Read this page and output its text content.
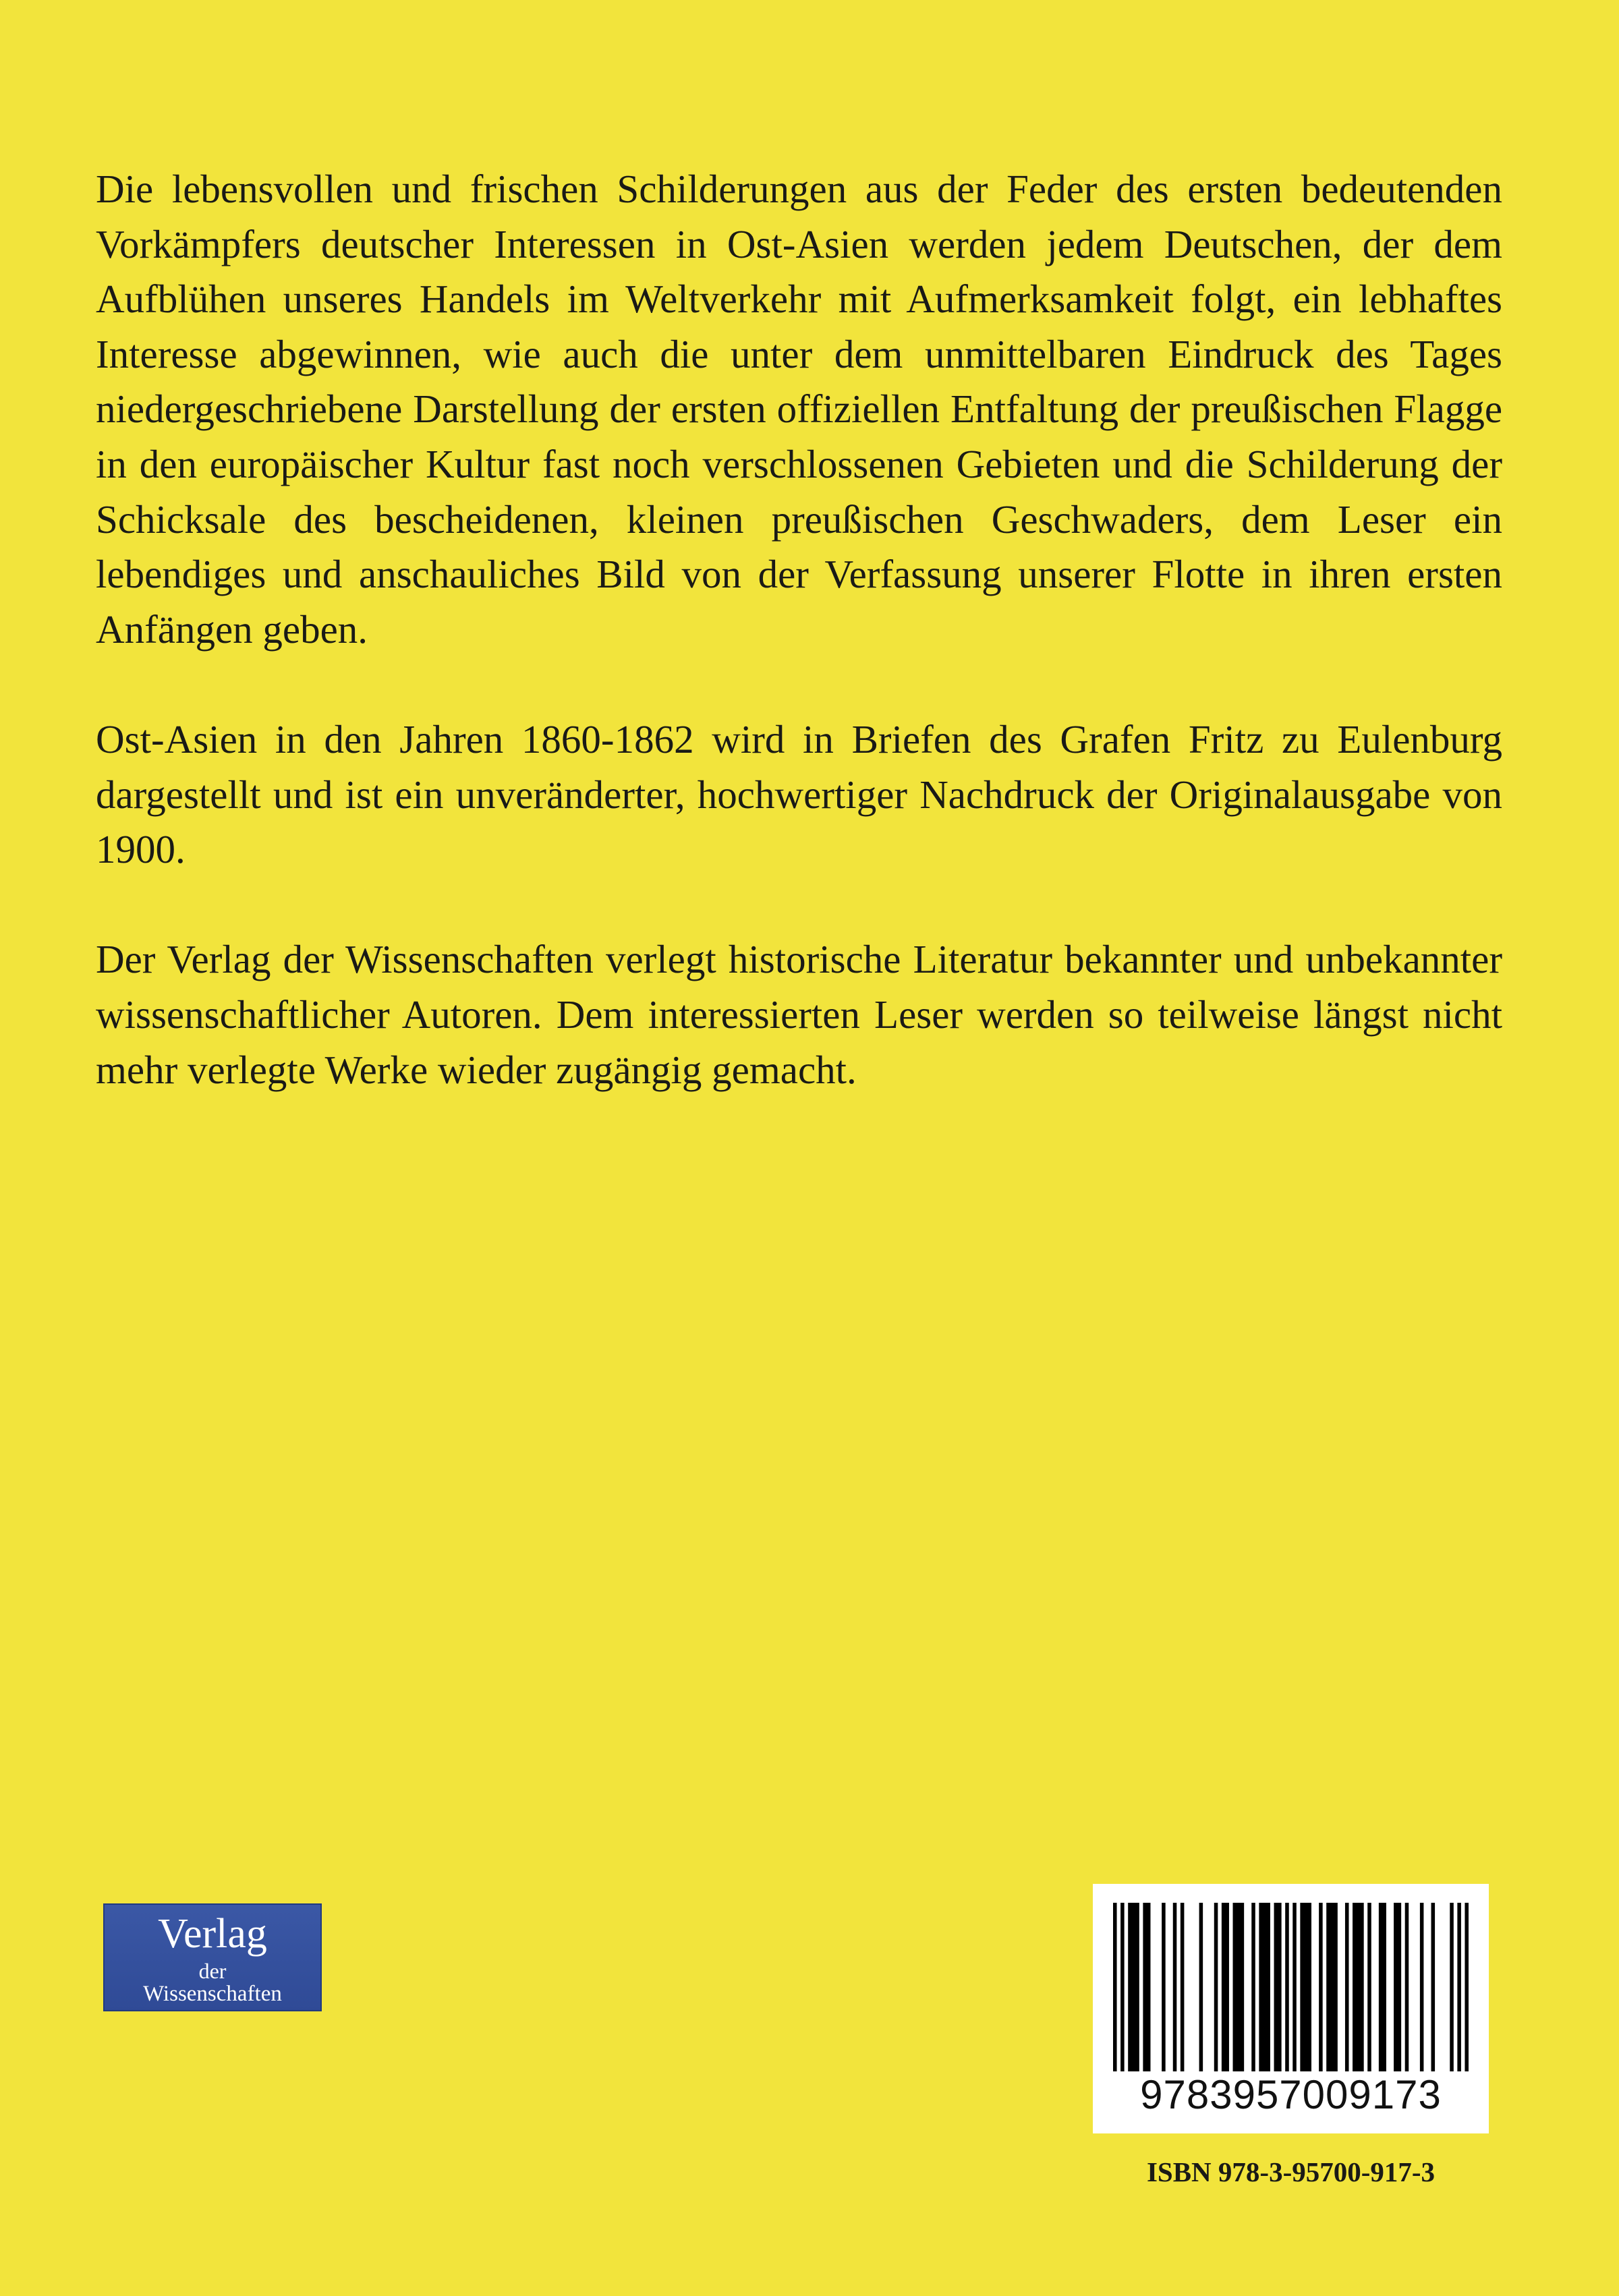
Die lebensvollen und frischen Schilderungen aus der Feder des ersten bedeutenden Vorkämpfers deutscher Interessen in Ost-Asien werden jedem Deutschen, der dem Aufblühen unseres Handels im Weltverkehr mit Aufmerksamkeit folgt, ein lebhaftes Interesse abgewinnen, wie auch die unter dem unmittelbaren Eindruck des Tages niedergeschriebene Darstellung der ersten offiziellen Entfaltung der preußischen Flagge in den europäischer Kultur fast noch verschlossenen Gebieten und die Schilderung der Schicksale des bescheidenen, kleinen preußischen Geschwaders, dem Leser ein lebendiges und anschauliches Bild von der Verfassung unserer Flotte in ihren ersten Anfängen geben.

Ost-Asien in den Jahren 1860-1862 wird in Briefen des Grafen Fritz zu Eulenburg dargestellt und ist ein unveränderter, hochwertiger Nachdruck der Originalausgabe von 1900.

Der Verlag der Wissenschaften verlegt historische Literatur bekannter und unbekannter wissenschaftlicher Autoren. Dem interessierten Leser werden so teilweise längst nicht mehr verlegte Werke wieder zugängig gemacht.

Verlag
der
Wissenschaften
9783957009173
ISBN 978-3-95700-917-3
